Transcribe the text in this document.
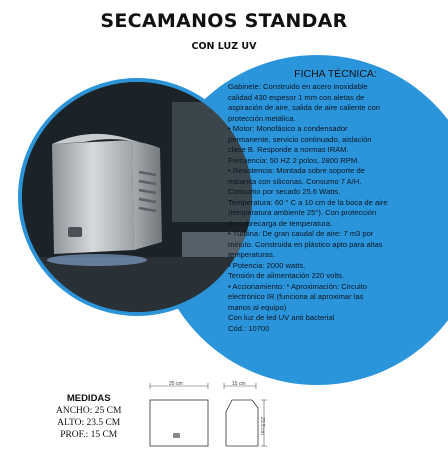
SECAMANOS STANDAR
CON LUZ UV
FICHA TÉCNICA:
Gabinete: Construido en acero inoxidable
calidad 430 espesor 1 mm con aletas de
aspiración de aire, salida de aire caliente con
protección metálica.
• Motor: Monofásico a condensador
permanente, servicio continuado, aislación
clase B. Responde a normas IRAM.
Frecuencia: 50 HZ 2 polos, 2800 RPM.
• Resistencia: Montada sobre soporte de
micanita con siliconas. Consumo 7 A/H.
Consumo por secado 25.6 Watts.
Temperatura: 60 ° C a 10 cm de la boca de aire
(temperatura ambiente 25°). Con protección
de sobrecarga de temperatura.
• Turbina: De gran caudal de aire: 7 m3 por
minuto. Construida en plástico apto para altas
temperaturas.
• Potencia: 2000 watts.
Tensión de alimentación 220 volts.
• Accionamiento: * Aproximación: Circuito
electrónico IR (funciona al aproximar las
manos al equipo)
Con luz de led UV anti bacterial
Cód.: 10700
MEDIDAS
ANCHO: 25 CM
ALTO: 23.5 CM
PROF.: 15 CM
25 cm	15 cm
23.5 cm
